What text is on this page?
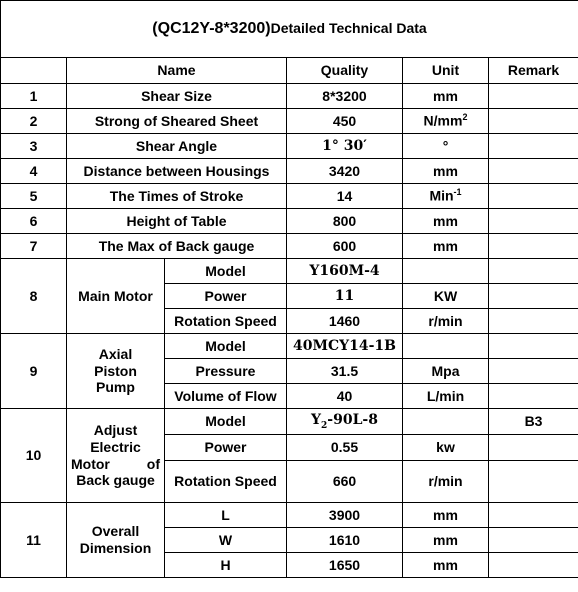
(QC12Y-8*3200)Detailed Technical Data					
	Name		Quality	Unit	Remark
1	Shear Size		8*3200	mm	
2	Strong of Sheared Sheet		450	$N/mm^2$	
3	Shear Angle		1° 30′	°	
4	Distance between Housings		3420	mm	
5	The Times of Stroke		14	Min$^{-1}$	
6	Height of Table		800	mm	
7	The Max of Back gauge		600	mm	
8	Main Motor	Model	Y160M-4		
		Power	11	KW	
		Rotation Speed	1460	r/min	
9	Axial
Piston
Pump	Model	40MCY14-1B		
		Pressure	31.5	Mpa	
		Volume of Flow	40	L/min	
10	Adjust
Electric

Motor of
Back gauge	Model	$Y_2-90L-8$		B3
		Power	0.55	kw	
		Rotation Speed	660	r/min	
11	Overall
Dimension	L	3900	mm	
		W	1610	mm	
		H	1650	mm	
